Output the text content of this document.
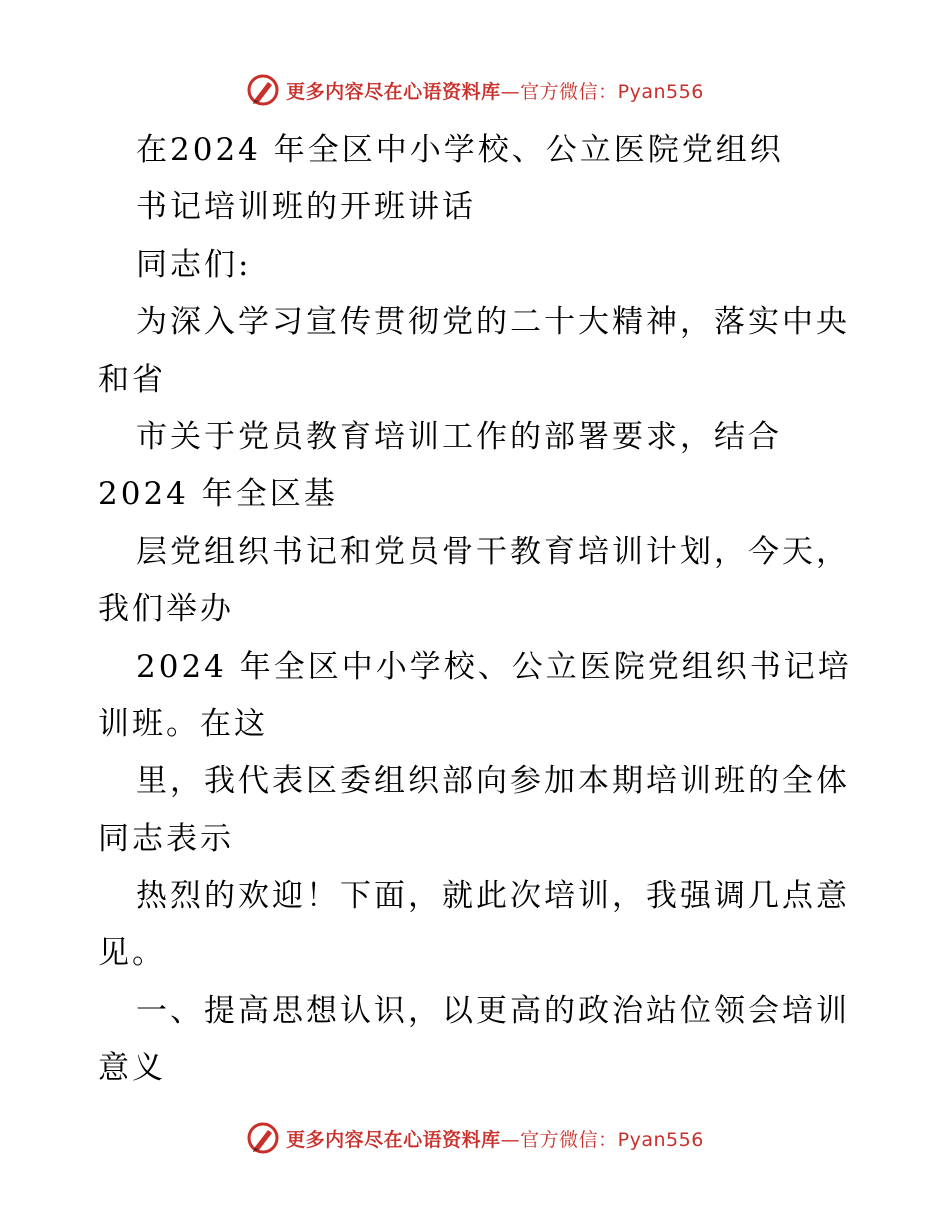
更多内容尽在心语资料库—官方微信：Pyan556
在2024 年全区中小学校、公立医院党组织
书记培训班的开班讲话
同志们:
为深入学习宣传贯彻党的二十大精神，落实中央
和省
市关于党员教育培训工作的部署要求，结合
2024 年全区基
层党组织书记和党员骨干教育培训计划，今天，
我们举办
2024 年全区中小学校、公立医院党组织书记培
训班。在这
里，我代表区委组织部向参加本期培训班的全体
同志表示
热烈的欢迎！下面，就此次培训，我强调几点意
见。
一、提高思想认识，以更高的政治站位领会培训
意义
更多内容尽在心语资料库—官方微信：Pyan556
